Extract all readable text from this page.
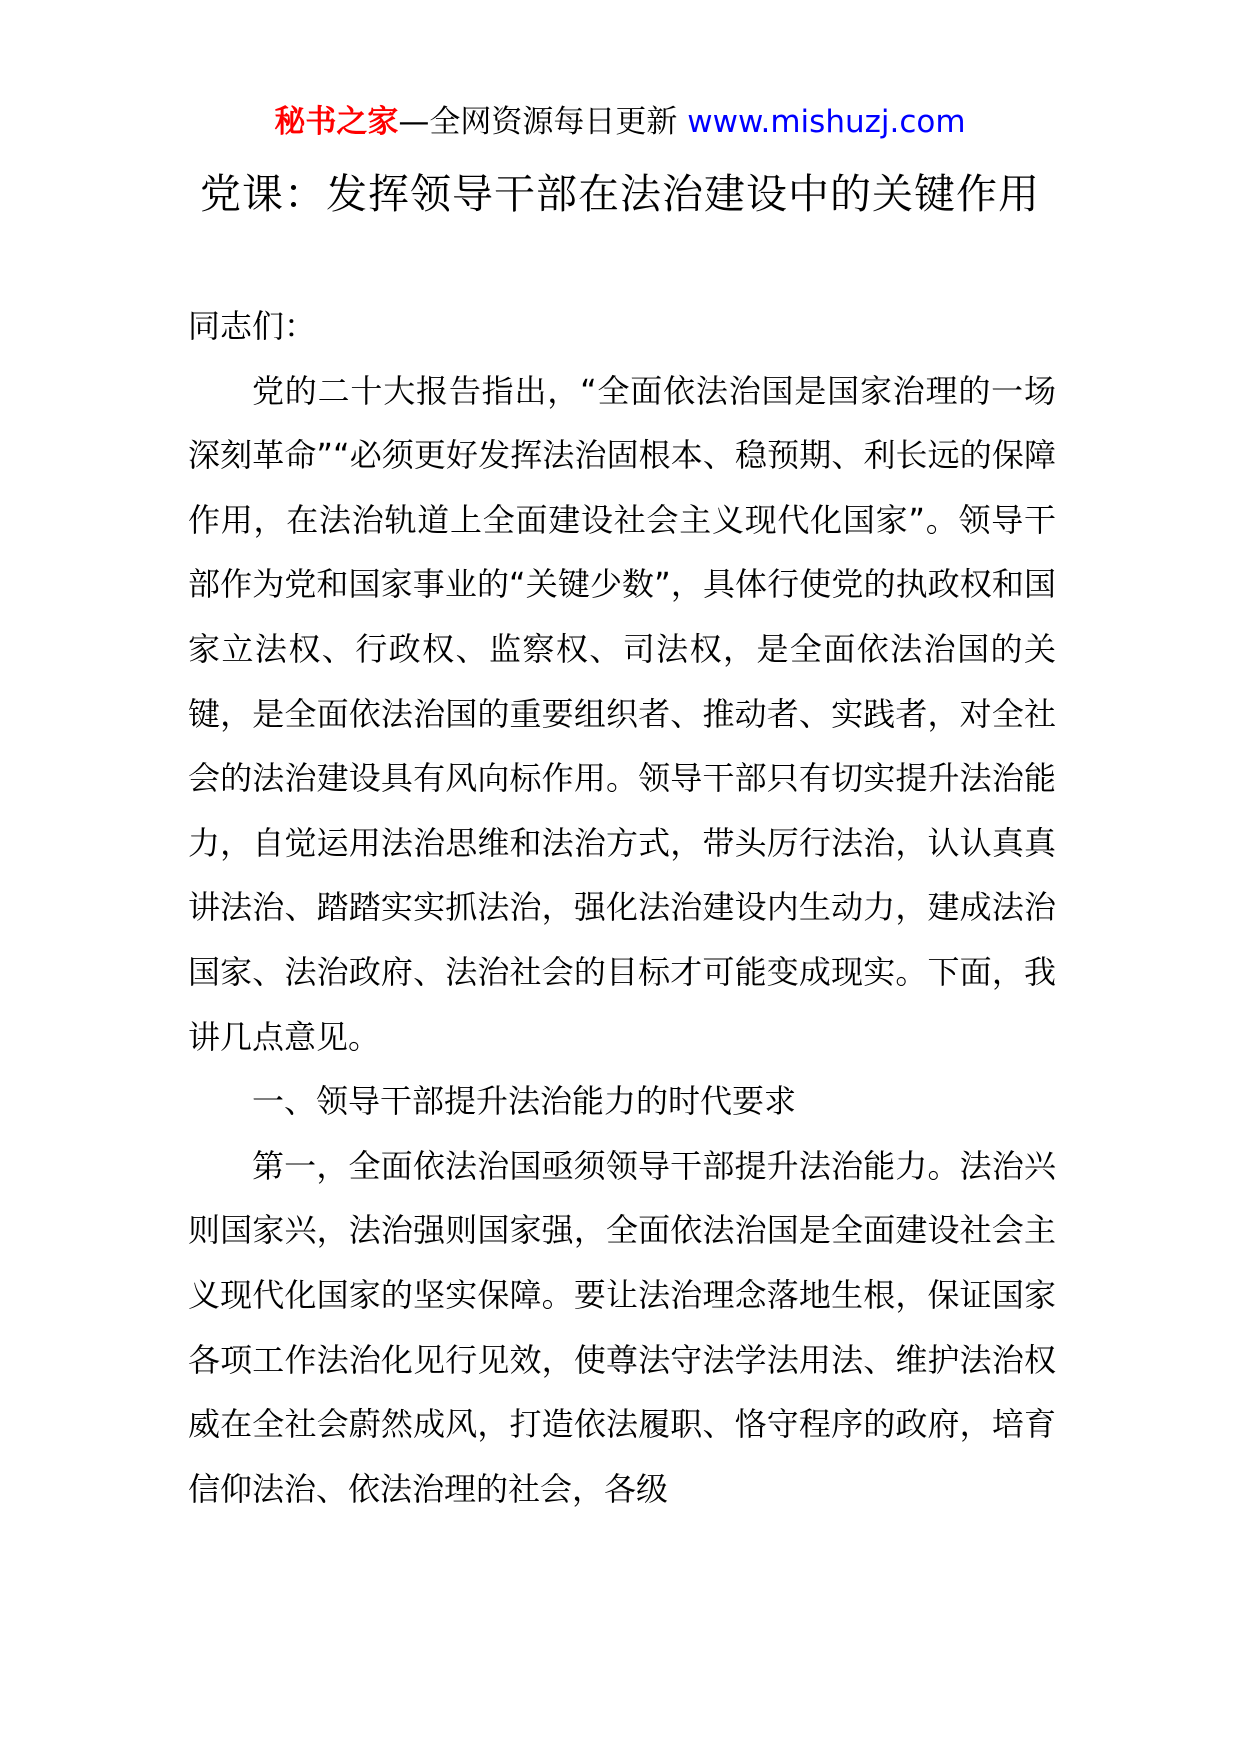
秘书之家—全网资源每日更新 www.mishuzj.com
党课：发挥领导干部在法治建设中的关键作用

同志们：

党的二十大报告指出，“全面依法治国是国家治理的一场深刻革命”“必须更好发挥法治固根本、稳预期、利长远的保障作用，在法治轨道上全面建设社会主义现代化国家”。领导干部作为党和国家事业的“关键少数”，具体行使党的执政权和国家立法权、行政权、监察权、司法权，是全面依法治国的关键，是全面依法治国的重要组织者、推动者、实践者，对全社会的法治建设具有风向标作用。领导干部只有切实提升法治能力，自觉运用法治思维和法治方式，带头厉行法治，认认真真讲法治、踏踏实实抓法治，强化法治建设内生动力，建成法治国家、法治政府、法治社会的目标才可能变成现实。下面，我讲几点意见。

一、领导干部提升法治能力的时代要求

第一，全面依法治国亟须领导干部提升法治能力。法治兴则国家兴，法治强则国家强，全面依法治国是全面建设社会主义现代化国家的坚实保障。要让法治理念落地生根，保证国家各项工作法治化见行见效，使尊法守法学法用法、维护法治权威在全社会蔚然成风，打造依法履职、恪守程序的政府，培育信仰法治、依法治理的社会，各级
